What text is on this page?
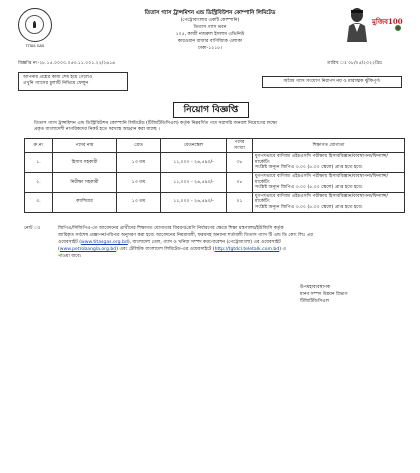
TITAS GAS
তিতাস গ্যাস ট্রান্সমিশন এন্ড ডিস্ট্রিবিউশন কোম্পানি লিমিটেড
(পেট্রোবাংলার একটি কোম্পানি)
তিতাস গ্যাস ভবন
১০৫, কাজী নজরুল ইসলাম এভিনিউ
কারওয়ান বাজার বাণিজ্যিক এলাকা
ঢাকা-১২১৫।
মুজিব100
বিজ্ঞপ্তি নং-২৮.১৫.০০০০.০৫৩.১১.০০১.২২/২৬১৬	তারিখ ঃ ০৮/০৫/২০২২খ্রিঃ
আপনার প্রশ্নের কাজ শেষ হয়ে গেলেও
এখুনি গ্যাসের চুলাটি নিভিয়ে ফেলুন	অবৈধ গ্যাস সংযোগ নিরাপদ নয় ও মারাত্মক ঝুঁকিপূর্ণ।
নিয়োগ বিজ্ঞপ্তি
তিতাস গ্যাস ট্রান্সমিশন এন্ড ডিস্ট্রিবিউশন কোম্পানি লিমিটেড (টিজিটিডিসিএল) কর্তৃক নিম্নবর্ণিত পদে সরাসরি জনবল নিয়োগের লক্ষ্যে
প্রকৃত বাংলাদেশী নাগরিকদের নিকট হতে দরখাস্ত আহ্বান করা যাচ্ছে ।
ক্র.নং	পদের নাম	গ্রেড	বেতনস্কেল	পদের সংখ্যা	শিক্ষাগত যোগ্যতা
১.	হিসাব সহকারী	১৩ তম	১১,০০০ - ২৬,৫৯০/-	৩৮	যুগপৎভাবে বাণিজ্য এইচএসসি পরীক্ষায় হিসাববিজ্ঞান/ব্যবস্থাপনা/ফিন্যান্স/মার্কেটিং
সংশ্লিষ্ট অন্যূন জিপিএ ৩.০০ (৫.০০ স্কেলে) প্রাপ্ত হতে হবে।

২.	নিরীক্ষা সহকারী	১৩ তম	১১,০০০ - ২৬,৫৯০/-	০৮	যুগপৎভাবে বাণিজ্য এইচএসসি পরীক্ষায় হিসাববিজ্ঞান/ব্যবস্থাপনা/ফিন্যান্স/মার্কেটিং
সংশ্লিষ্ট অন্যূন জিপিএ ৩.০০ (৫.০০ স্কেলে) প্রাপ্ত হতে হবে।

৩.	ক্যাশিয়ার	১৩ তম	১১,০০০ - ২৬,৫৯০/-	০১	যুগপৎভাবে বাণিজ্য এইচএসসি পরীক্ষায় হিসাববিজ্ঞান/ব্যবস্থাপনা/ফিন্যান্স/মার্কেটিং
সংশ্লিষ্ট অন্যূন জিপিএ ৩.০০ (৫.০০ স্কেলে) প্রাপ্ত হতে হবে।
নোট ঃ	জিপিএ/সিজিপিএ-তে আবেদনের প্রার্থীদের শিক্ষাগত যোগ্যতার বিবরণ/শ্রেণি নির্ধারণের ক্ষেত্রে শিক্ষা মন্ত্রণালয়/ইউজিসি কর্তৃক
জারিকৃত সর্বশেষ প্রজ্ঞাপন/পরিপত্র অনুসরণ করা হবে। আবেদনের নিয়মাবলী, ফরমসহ অন্যান্য শর্তাবলী তিতাস গ্যাস টি এন্ড ডি কোং লিঃ এর
ওয়েবসাইট (www.titasgas.org.bd), বাংলাদেশ তেল, গ্যাস ও খনিজ সম্পদ করপোরেশন (পেট্রোবাংলা) এর ওয়েবসাইট
(www.petrobangla.org.bd) এবং টেলিটক বাংলাদেশ লিমিটেড-এর ওয়েবসাইটে (http://tgtdcl.teletalk.com.bd) এ
পাওয়া যাবে।
উপমহাব্যবস্থাপক
মানব সম্পদ উন্নয়ন বিভাগ
টিজিটিডিসিএল
